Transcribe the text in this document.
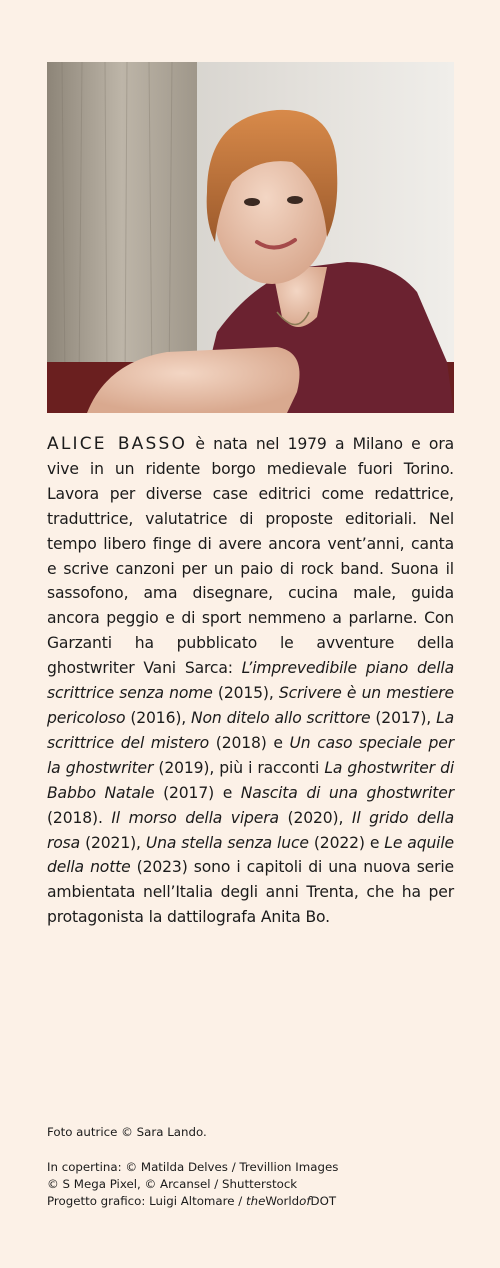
ALICE BASSO è nata nel 1979 a Milano e ora vive in un ridente borgo medievale fuori Torino. Lavora per diverse case editrici come redattrice, traduttrice, valutatrice di proposte editoriali. Nel tempo libero finge di avere ancora vent’anni, canta e scrive canzoni per un paio di rock band. Suona il sassofono, ama disegnare, cucina male, guida ancora peggio e di sport nemmeno a parlarne. Con Garzanti ha pubblicato le avventure della ghostwriter Vani Sarca: L’imprevedibile piano della scrittrice senza nome (2015), Scrivere è un mestiere pericoloso (2016), Non ditelo allo scrittore (2017), La scrittrice del mistero (2018) e Un caso speciale per la ghostwriter (2019), più i racconti La ghostwriter di Babbo Natale (2017) e Nascita di una ghostwriter (2018). Il morso della vipera (2020), Il grido della rosa (2021), Una stella senza luce (2022) e Le aquile della notte (2023) sono i capitoli di una nuova serie ambientata nell’Italia degli anni Trenta, che ha per protagonista la dattilografa Anita Bo.
Foto autrice © Sara Lando.
In copertina: © Matilda Delves / Trevillion Images
© S Mega Pixel, © Arcansel / Shutterstock
Progetto grafico: Luigi Altomare / theWorldofDOT
